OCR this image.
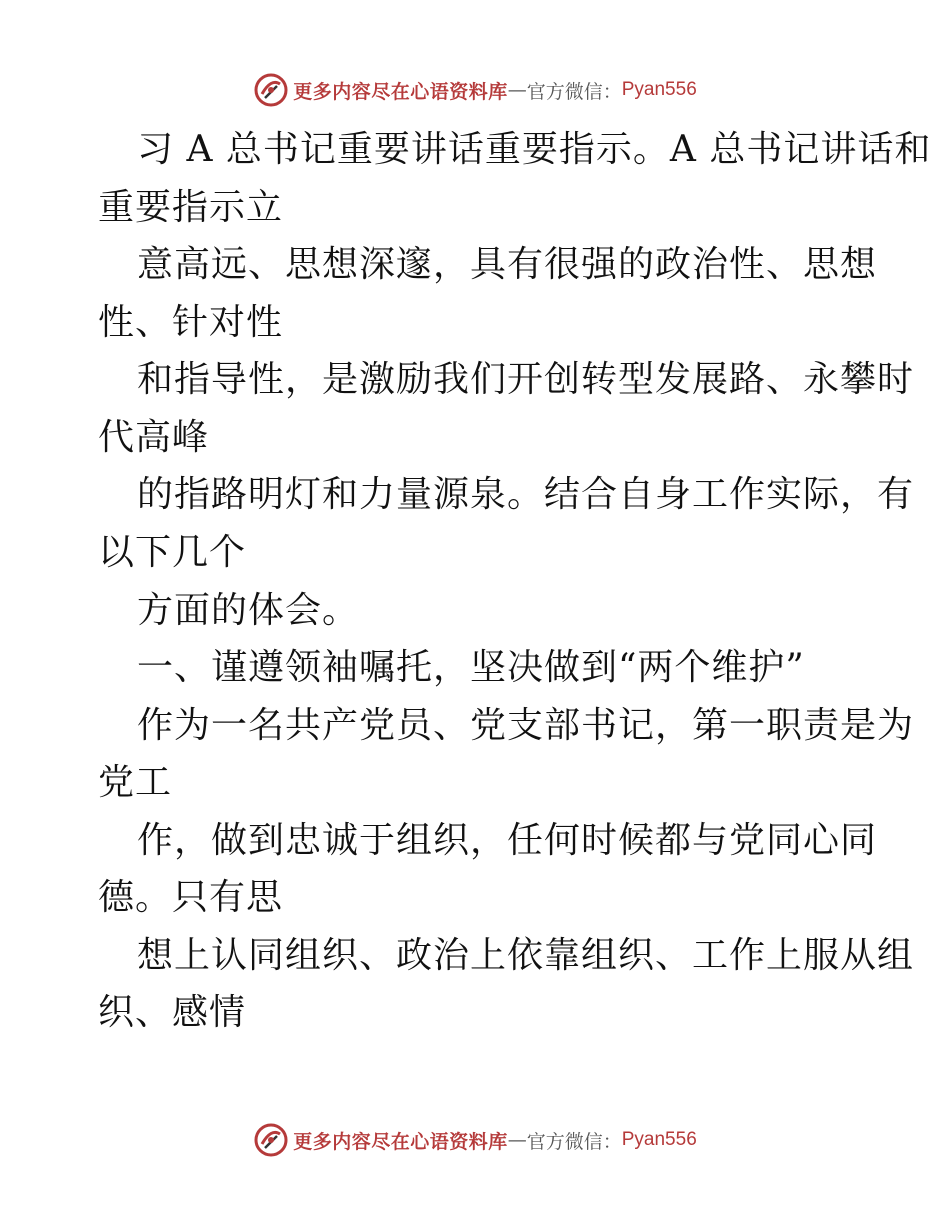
更多内容尽在心语资料库 — 官方微信： Pyan556
习 A 总书记重要讲话重要指示。A 总书记讲话和
重要指示立
意高远、思想深邃，具有很强的政治性、思想
性、针对性
和指导性，是激励我们开创转型发展路、永攀时
代高峰
的指路明灯和力量源泉。结合自身工作实际，有
以下几个
方面的体会。
一、谨遵领袖嘱托，坚决做到“两个维护”
作为一名共产党员、党支部书记，第一职责是为
党工
作，做到忠诚于组织，任何时候都与党同心同
德。只有思
想上认同组织、政治上依靠组织、工作上服从组
织、感情
更多内容尽在心语资料库 — 官方微信： Pyan556
